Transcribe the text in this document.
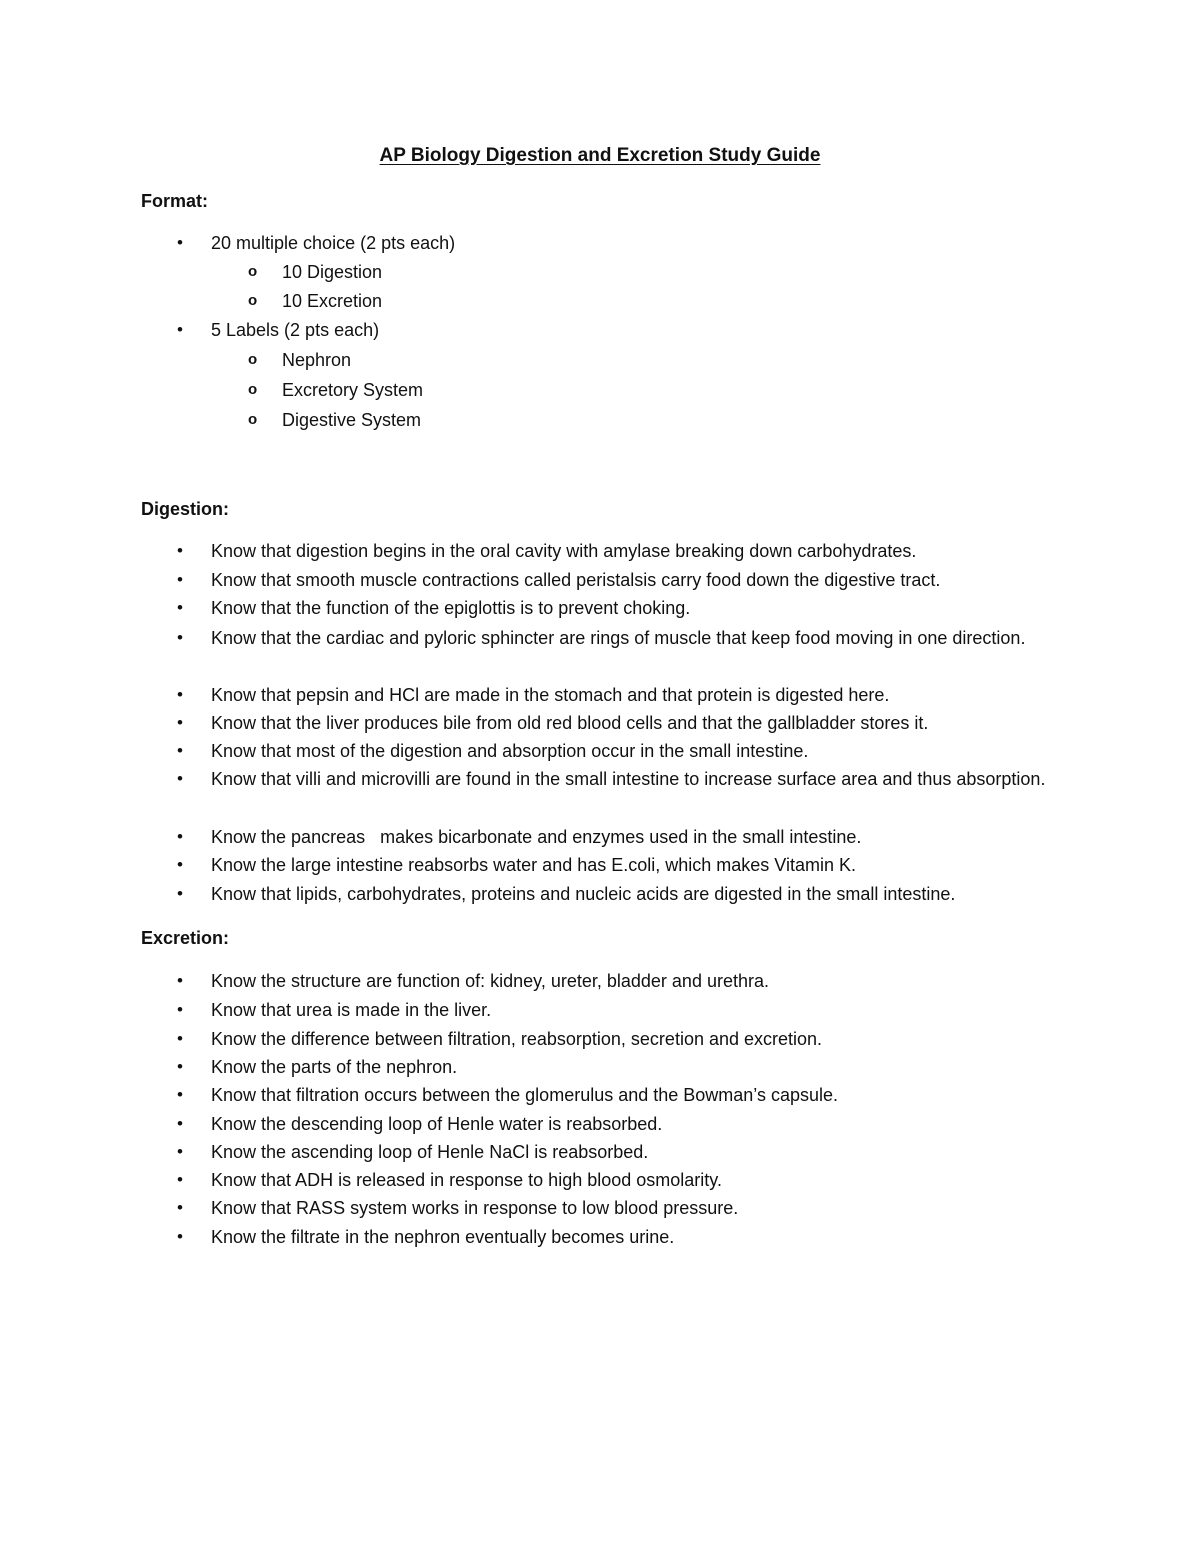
AP Biology Digestion and Excretion Study Guide
Format:
• 20 multiple choice (2 pts each)
o 10 Digestion
o 10 Excretion
• 5 Labels (2 pts each)
o Nephron
o Excretory System
o Digestive System
Digestion:
• Know that digestion begins in the oral cavity with amylase breaking down carbohydrates.
• Know that smooth muscle contractions called peristalsis carry food down the digestive tract.
• Know that the function of the epiglottis is to prevent choking.
• Know that the cardiac and pyloric sphincter are rings of muscle that keep food moving in one direction.
• Know that pepsin and HCl are made in the stomach and that protein is digested here.
• Know that the liver produces bile from old red blood cells and that the gallbladder stores it.
• Know that most of the digestion and absorption occur in the small intestine.
• Know that villi and microvilli are found in the small intestine to increase surface area and thus absorption.
• Know the pancreas   makes bicarbonate and enzymes used in the small intestine.
• Know the large intestine reabsorbs water and has E.coli, which makes Vitamin K.
• Know that lipids, carbohydrates, proteins and nucleic acids are digested in the small intestine.
Excretion:
• Know the structure are function of: kidney, ureter, bladder and urethra.
• Know that urea is made in the liver.
• Know the difference between filtration, reabsorption, secretion and excretion.
• Know the parts of the nephron.
• Know that filtration occurs between the glomerulus and the Bowman’s capsule.
• Know the descending loop of Henle water is reabsorbed.
• Know the ascending loop of Henle NaCl is reabsorbed.
• Know that ADH is released in response to high blood osmolarity.
• Know that RASS system works in response to low blood pressure.
• Know the filtrate in the nephron eventually becomes urine.
